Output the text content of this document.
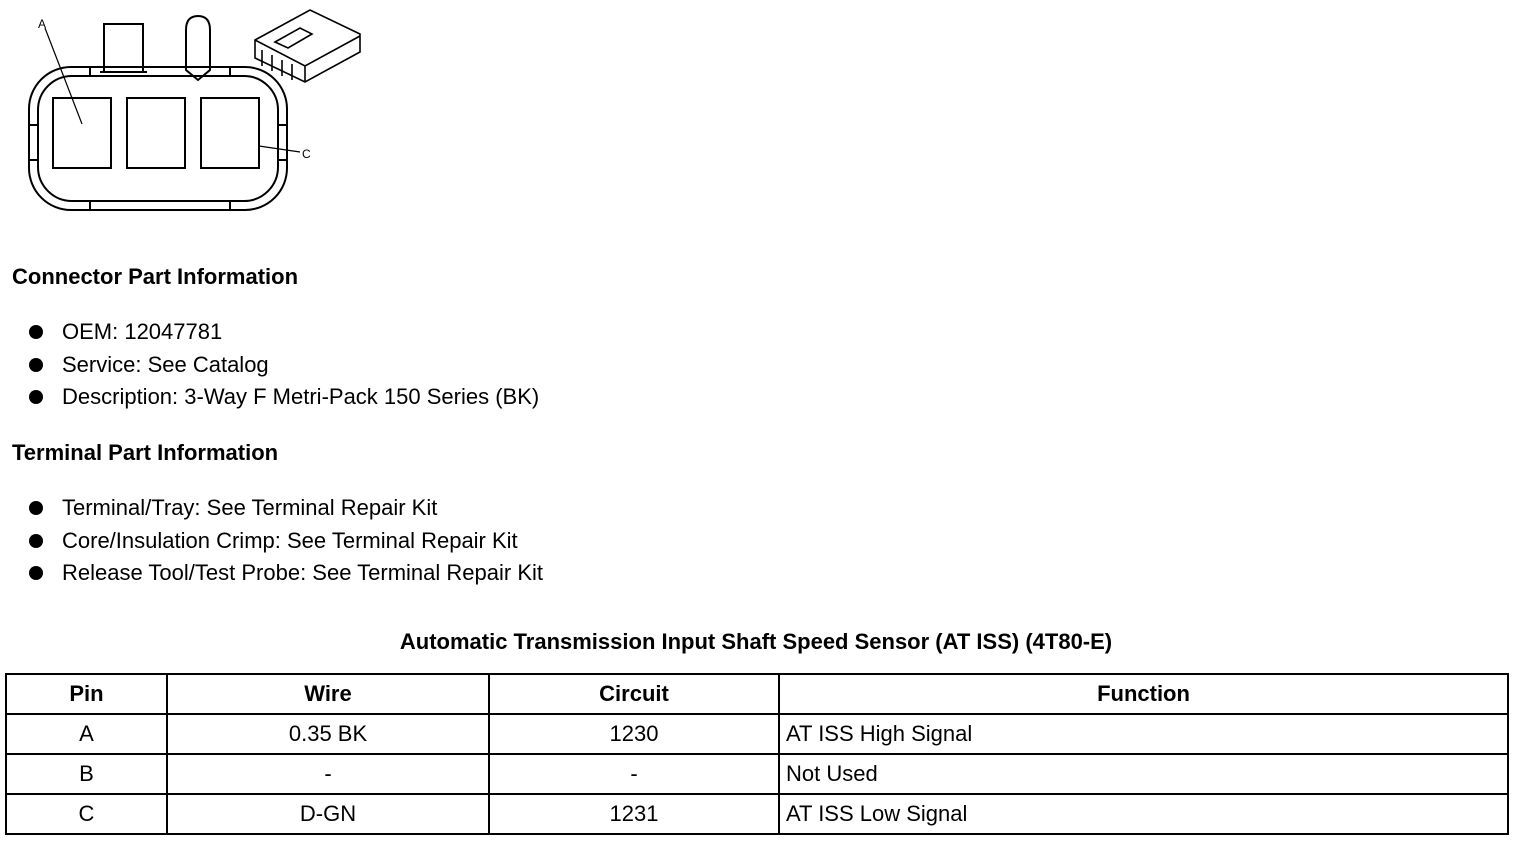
A
C
Connector Part Information
OEM: 12047781
Service: See Catalog
Description: 3-Way F Metri-Pack 150 Series (BK)
Terminal Part Information
Terminal/Tray: See Terminal Repair Kit
Core/Insulation Crimp: See Terminal Repair Kit
Release Tool/Test Probe: See Terminal Repair Kit
Automatic Transmission Input Shaft Speed Sensor (AT ISS) (4T80-E)
Pin	Wire	Circuit	Function
A	0.35 BK	1230	AT ISS High Signal
B	-	-	Not Used
C	D-GN	1231	AT ISS Low Signal
